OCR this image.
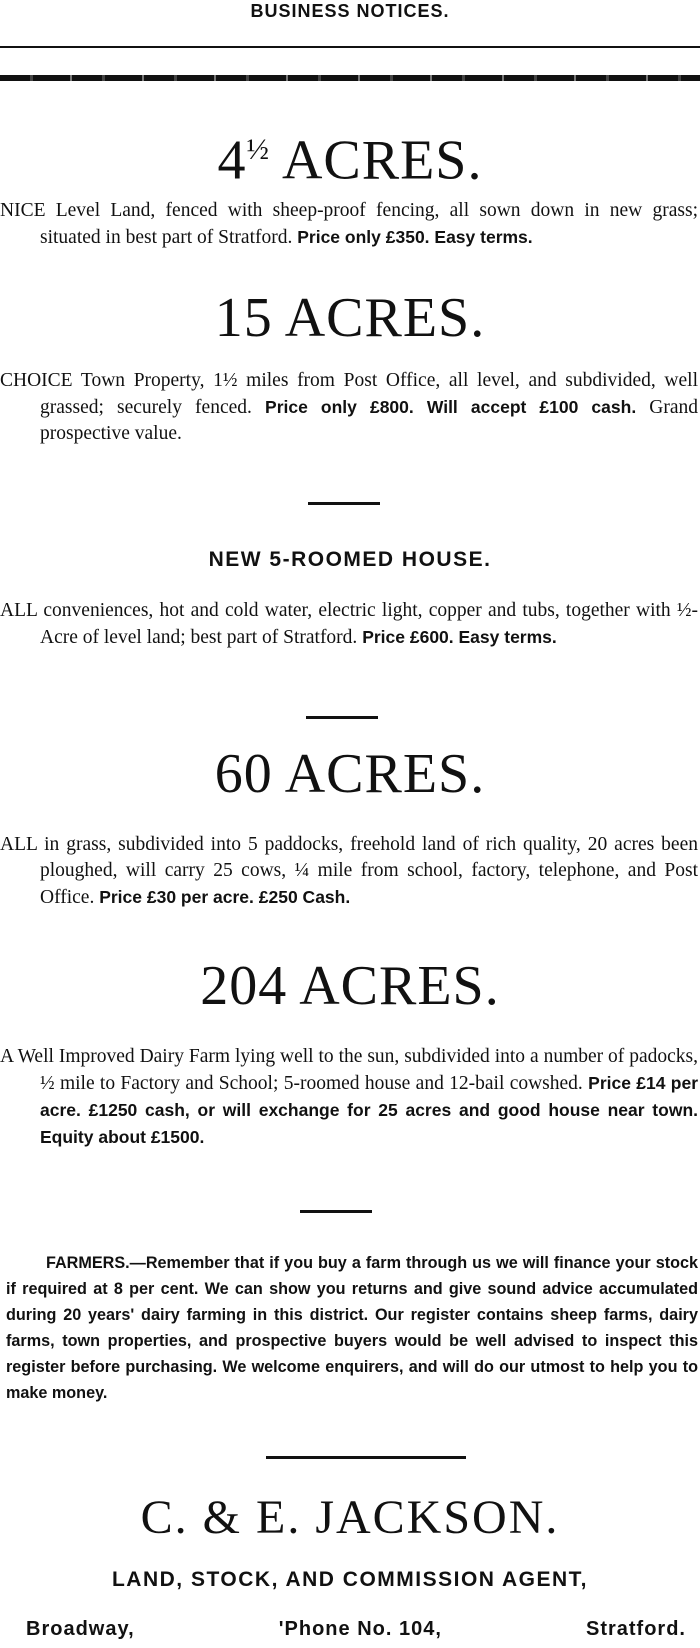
BUSINESS NOTICES.
$4^{\frac{1}{2}}$ ACRES.
NICE Level Land, fenced with sheep-proof fencing, all sown down in new grass; situated in best part of Stratford. Price only £350. Easy terms.
15 ACRES.
CHOICE Town Property, 1½ miles from Post Office, all level, and subdivided, well grassed; securely fenced. Price only £800. Will accept £100 cash. Grand prospective value.
NEW 5-ROOMED HOUSE.
ALL conveniences, hot and cold water, electric light, copper and tubs, together with ½-Acre of level land; best part of Stratford. Price £600. Easy terms.
60 ACRES.
ALL in grass, subdivided into 5 paddocks, freehold land of rich quality, 20 acres been ploughed, will carry 25 cows, ¼ mile from school, factory, telephone, and Post Office. Price £30 per acre. £250 Cash.
204 ACRES.
A Well Improved Dairy Farm lying well to the sun, subdivided into a number of padocks, ½ mile to Factory and School; 5-roomed house and 12-bail cowshed. Price £14 per acre. £1250 cash, or will exchange for 25 acres and good house near town. Equity about £1500.
FARMERS.—Remember that if you buy a farm through us we will finance your stock if required at 8 per cent. We can show you returns and give sound advice accumulated during 20 years' dairy farming in this district. Our register contains sheep farms, dairy farms, town properties, and prospective buyers would be well advised to inspect this register before purchasing. We welcome enquirers, and will do our utmost to help you to make money.
C. & E. JACKSON.
LAND, STOCK, AND COMMISSION AGENT,
Broadway,	'Phone No. 104,	Stratford.
